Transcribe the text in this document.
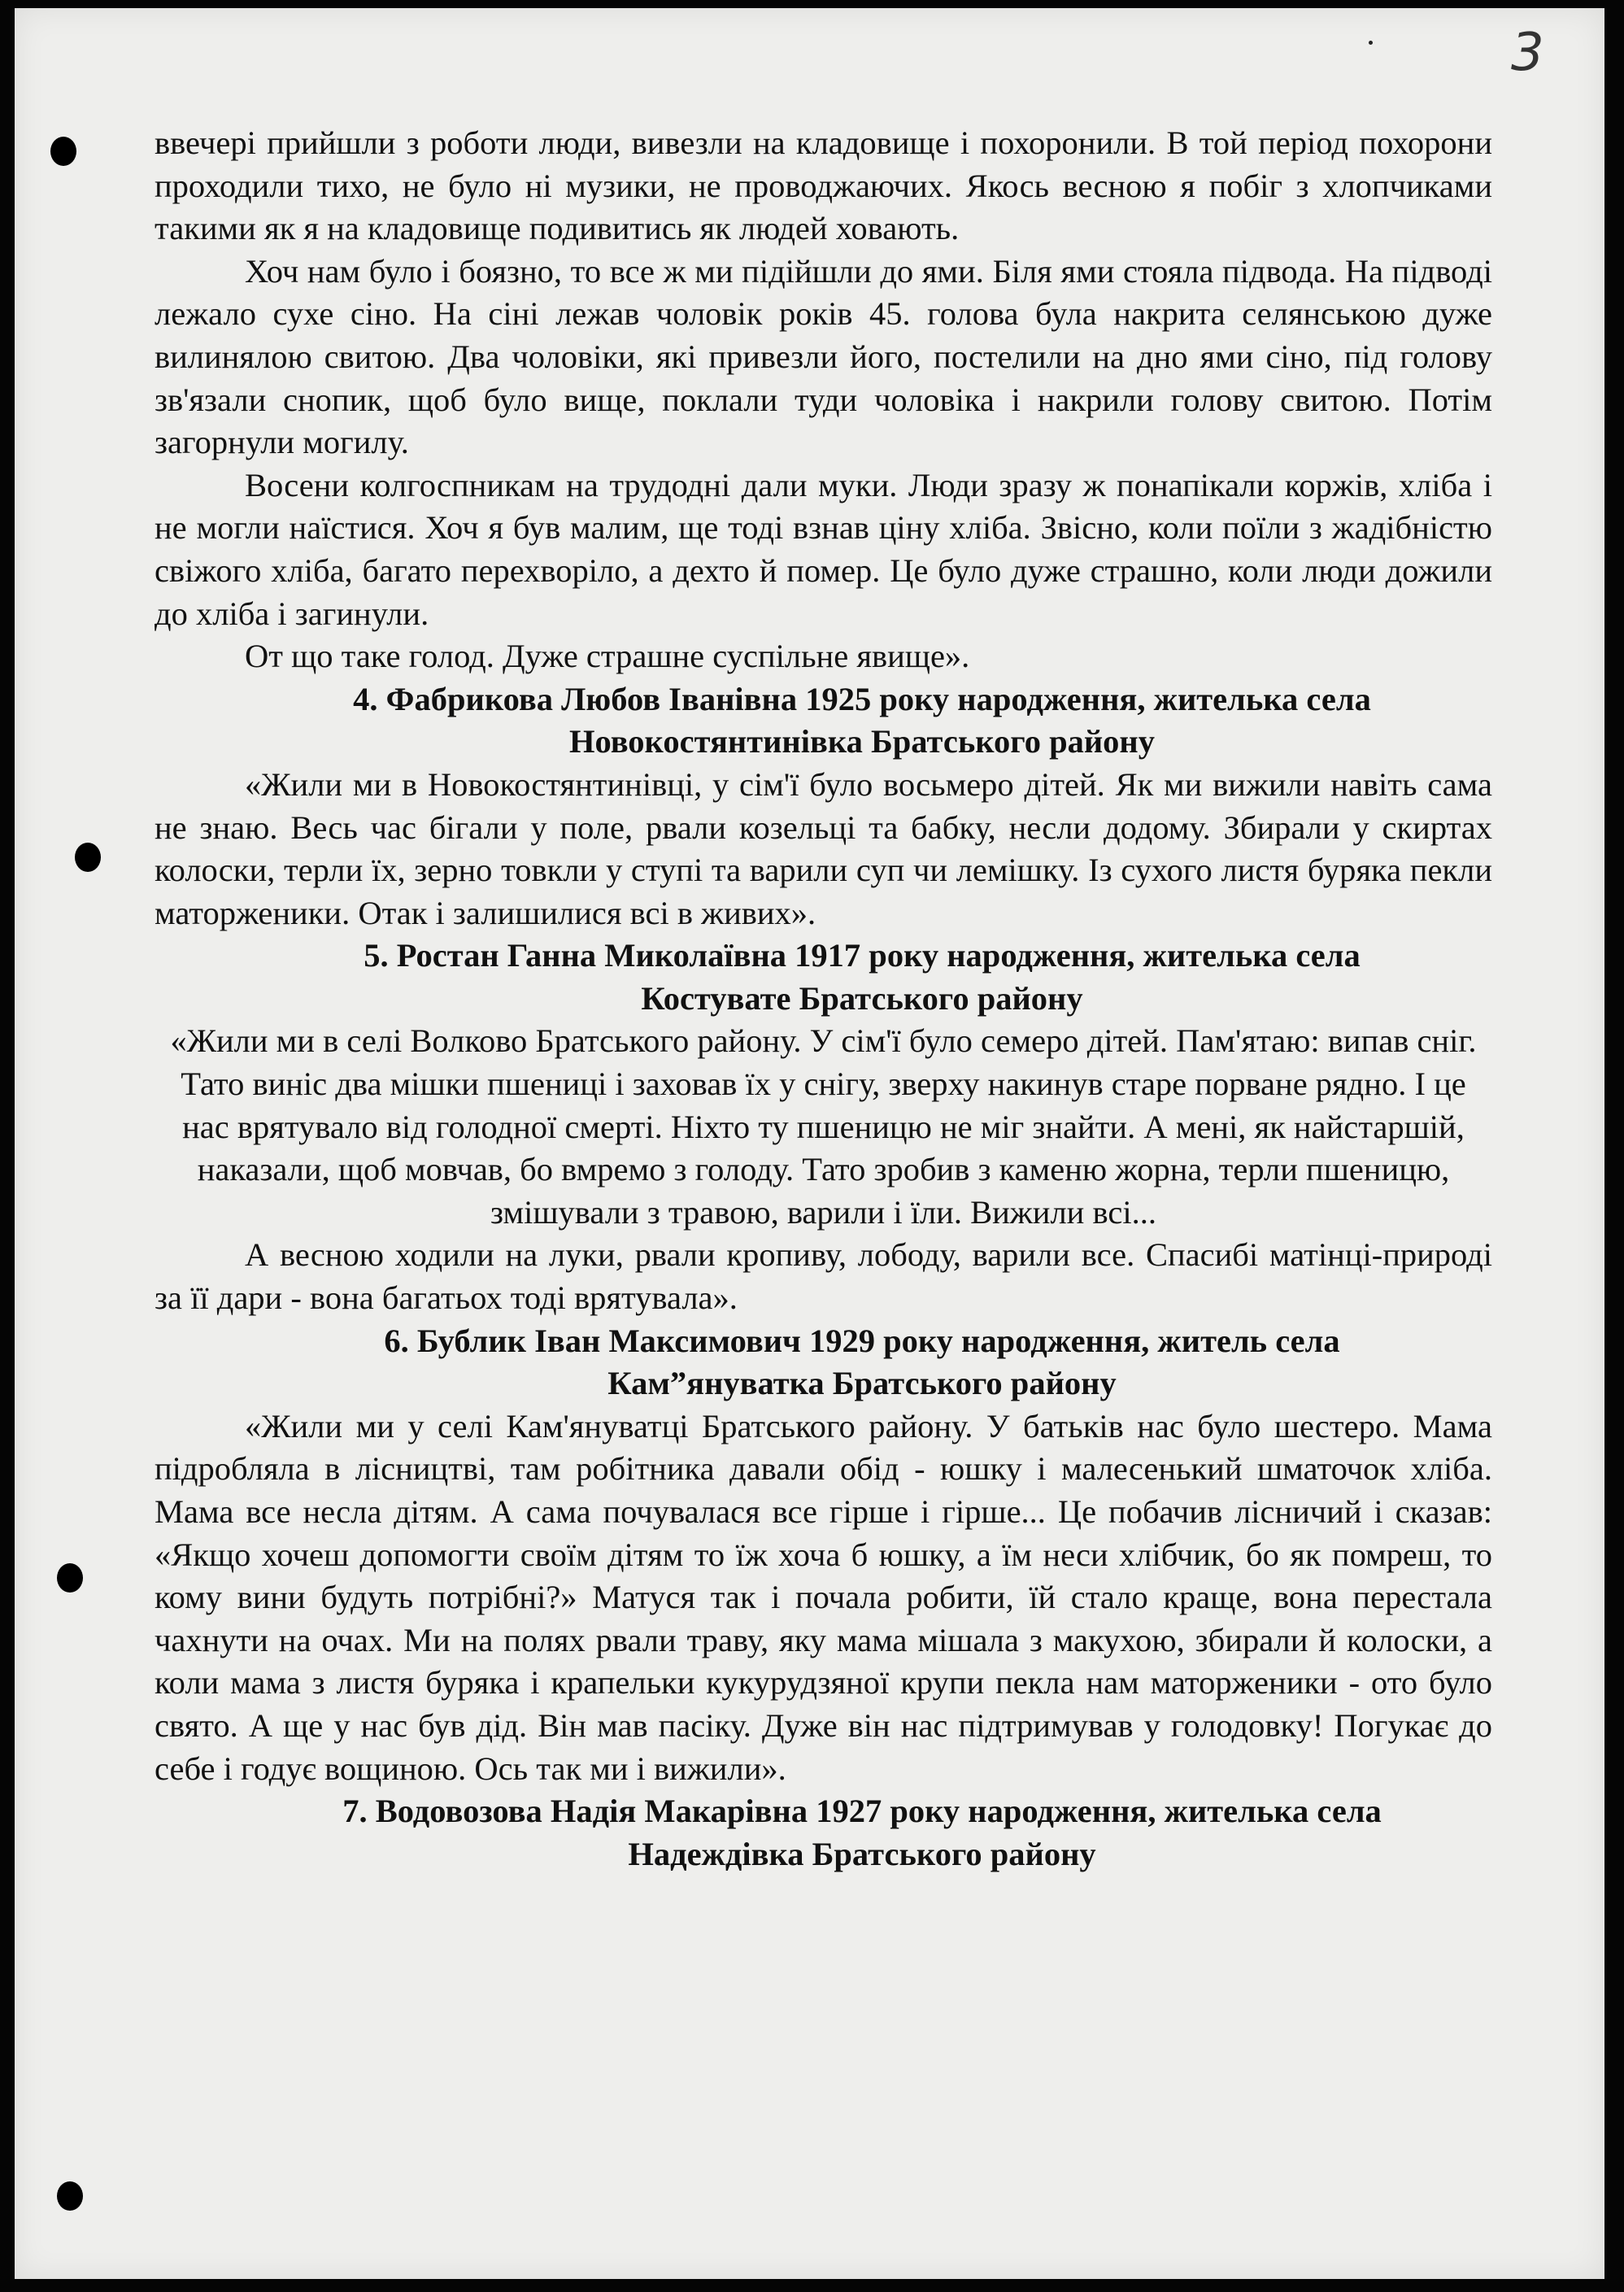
3

ввечері прийшли з роботи люди, вивезли на кладовище і похоронили. В той період похорони проходили тихо, не було ні музики, не проводжаючих. Якось весною я побіг з хлопчиками такими як я на кладовище подивитись як людей ховають.

Хоч нам було і боязно, то все ж ми підійшли до ями. Біля ями стояла підвода. На підводі лежало сухе сіно. На сіні лежав чоловік років 45. голова була накрита селянською дуже вилинялою свитою. Два чоловіки, які привезли його, постелили на дно ями сіно, під голову зв'язали снопик, щоб було вище, поклали туди чоловіка і накрили голову свитою. Потім загорнули могилу.

Восени колгоспникам на трудодні дали муки. Люди зразу ж понапікали коржів, хліба і не могли наїстися. Хоч я був малим, ще тоді взнав ціну хліба. Звісно, коли поїли з жадібністю свіжого хліба, багато перехворіло, а дехто й помер. Це було дуже страшно, коли люди дожили до хліба і загинули.

От що таке голод. Дуже страшне суспільне явище».

4. Фабрикова Любов Іванівна 1925 року народження, жителька села
Новокостянтинівка Братського району

«Жили ми в Новокостянтинівці, у сім'ї було восьмеро дітей. Як ми вижили навіть сама не знаю. Весь час бігали у поле, рвали козельці та бабку, несли додому. Збирали у скиртах колоски, терли їх, зерно товкли у ступі та варили суп чи лемішку. Із сухого листя буряка пекли маторженики. Отак і залишилися всі в живих».

5. Ростан Ганна Миколаївна 1917 року народження, жителька села
Костувате Братського району

«Жили ми в селі Волково Братського району. У сім'ї було семеро дітей. Пам'ятаю: випав сніг. Тато виніс два мішки пшениці і заховав їх у снігу, зверху накинув старе порване рядно. І це нас врятувало від голодної смерті. Ніхто ту пшеницю не міг знайти. А мені, як найстаршій, наказали, щоб мовчав, бо вмремо з голоду. Тато зробив з каменю жорна, терли пшеницю, змішували з травою, варили і їли. Вижили всі...

А весною ходили на луки, рвали кропиву, лободу, варили все. Спасибі матінці-природі за її дари - вона багатьох тоді врятувала».

6. Бублик Іван Максимович 1929 року народження, житель села
Кам”януватка Братського району

«Жили ми у селі Кам'януватці Братського району. У батьків нас було шестеро. Мама підробляла в лісництві, там робітника давали обід - юшку і малесенький шматочок хліба. Мама все несла дітям. А сама почувалася все гірше і гірше... Це побачив лісничий і сказав: «Якщо хочеш допомогти своїм дітям то їж хоча б юшку, а їм неси хлібчик, бо як помреш, то кому вини будуть потрібні?» Матуся так і почала робити, їй стало краще, вона перестала чахнути на очах. Ми на полях рвали траву, яку мама мішала з макухою, збирали й колоски, а коли мама з листя буряка і крапельки кукурудзяної крупи пекла нам маторженики - ото було свято. А ще у нас був дід. Він мав пасіку. Дуже він нас підтримував у голодовку! Погукає до себе і годує вощиною. Ось так ми і вижили».

7. Водовозова Надія Макарівна 1927 року народження, жителька села
Надеждівка Братського району
